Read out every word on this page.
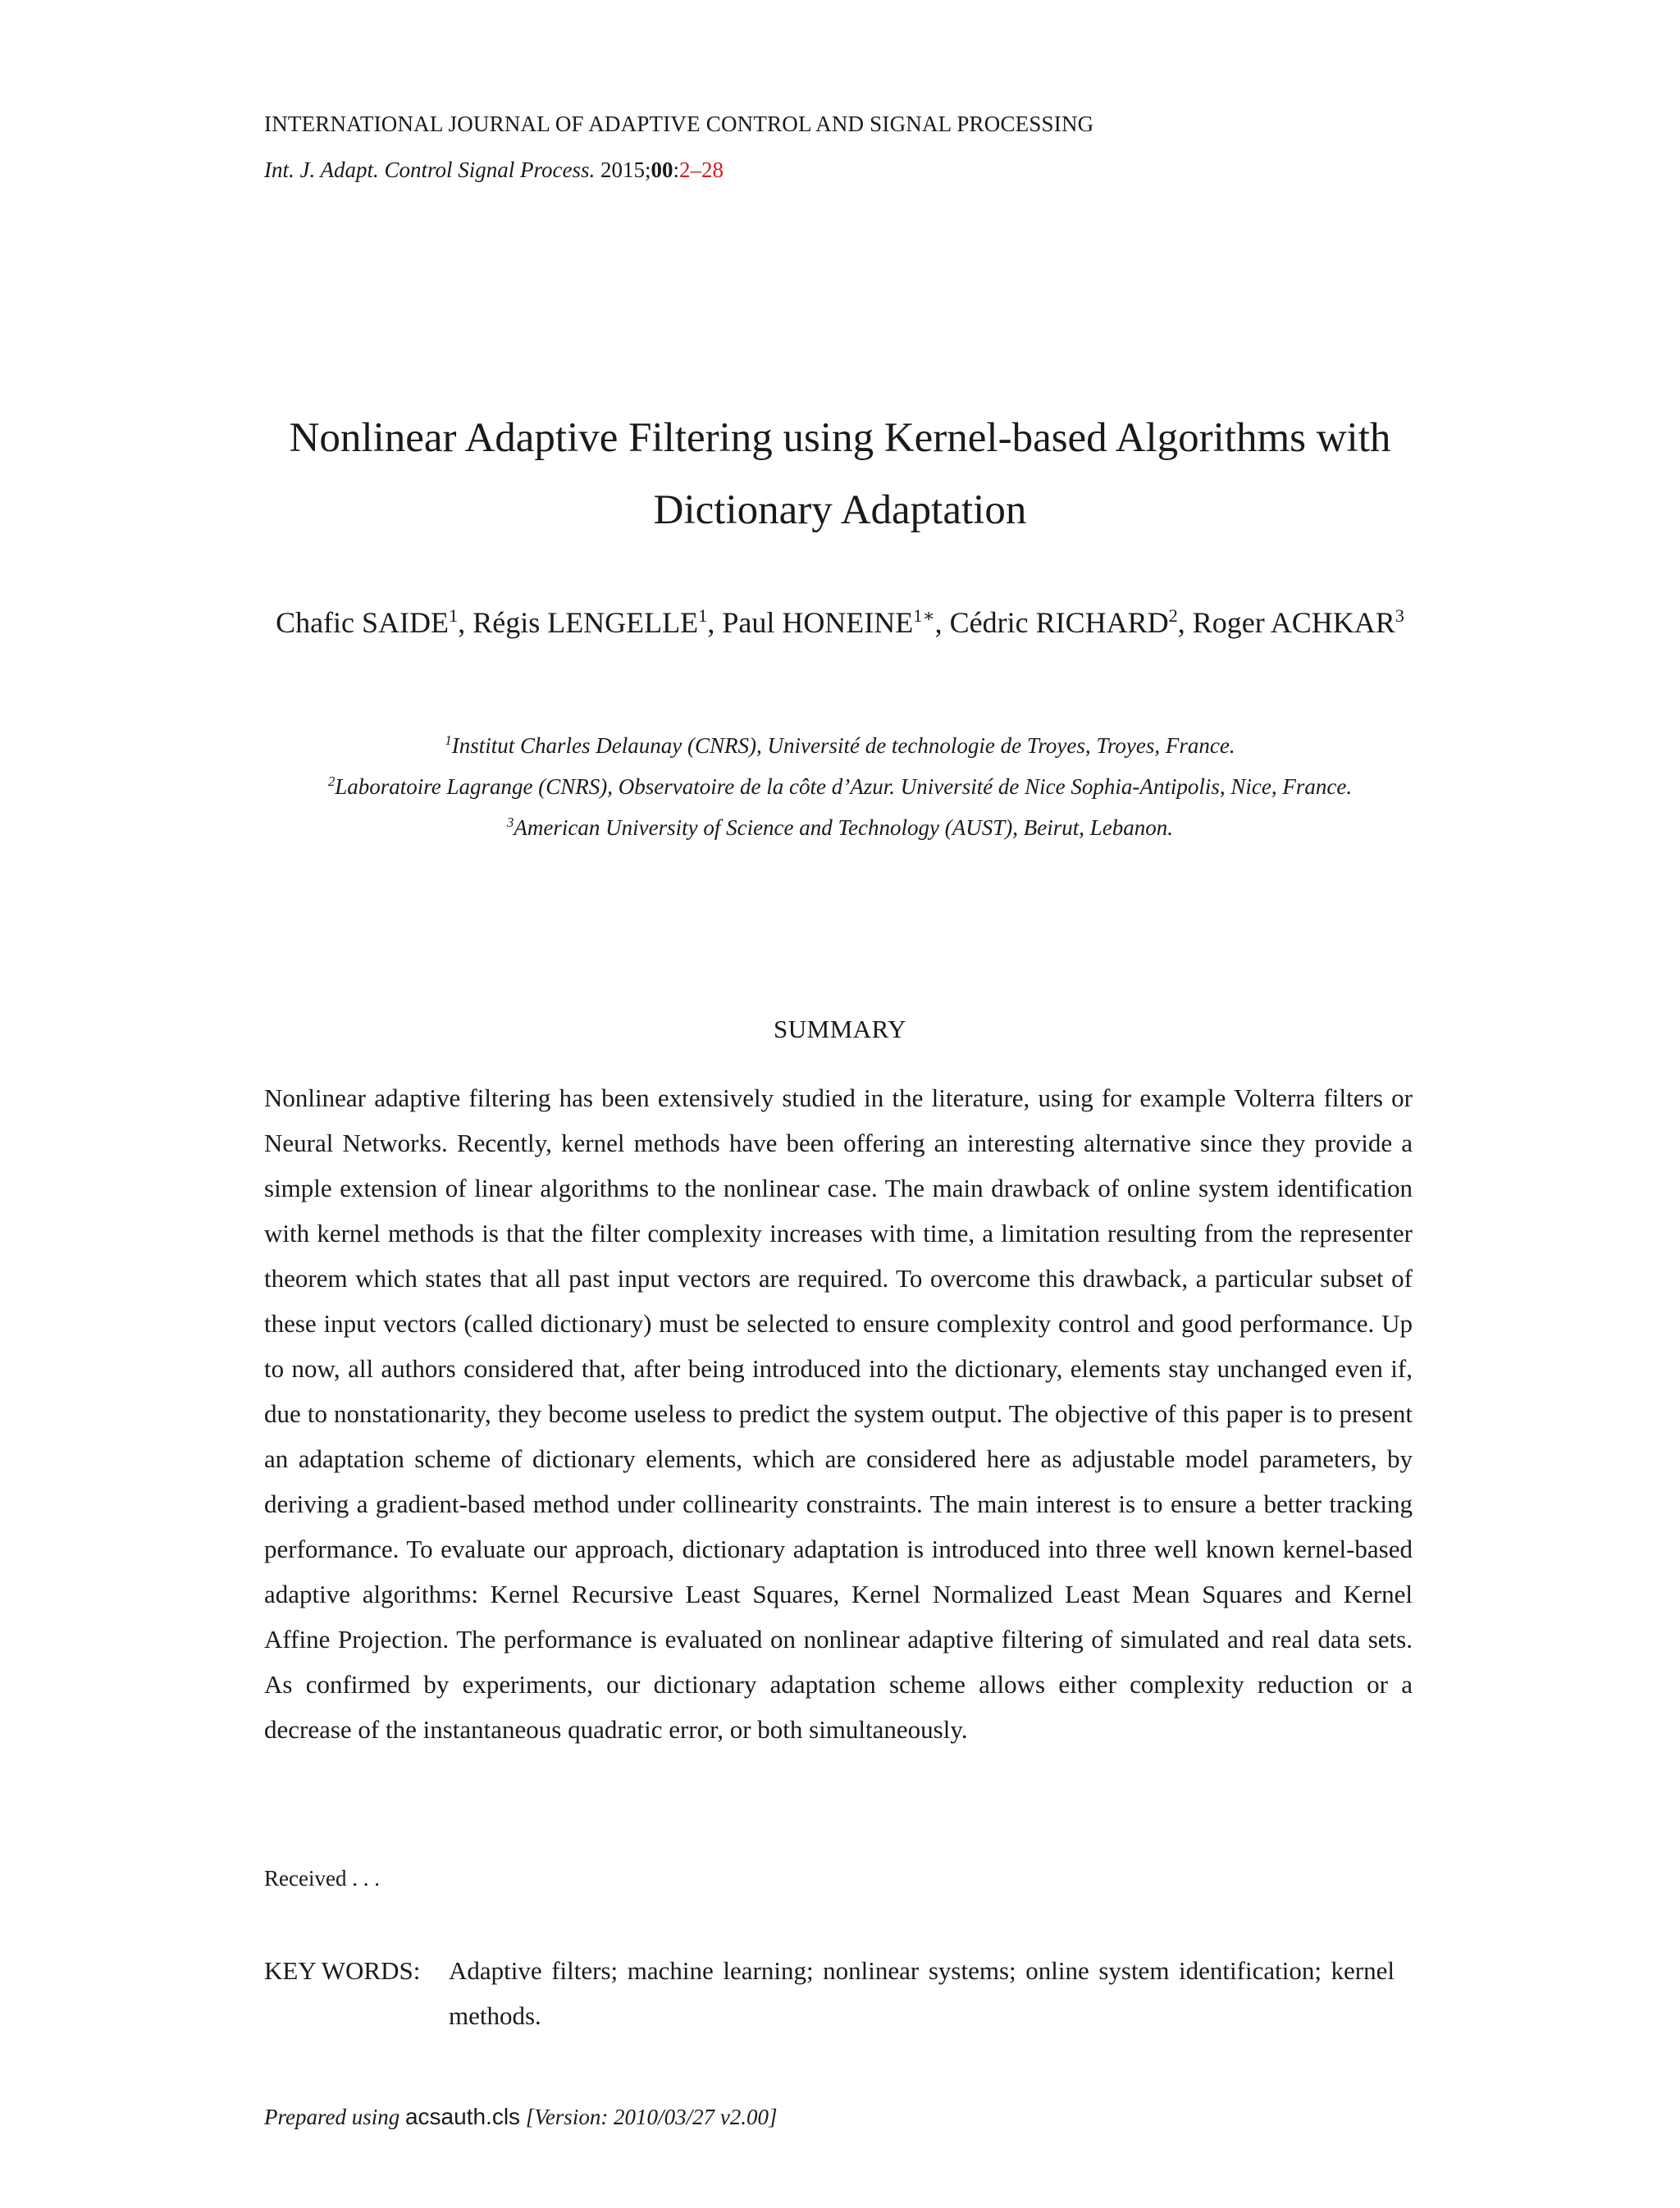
INTERNATIONAL JOURNAL OF ADAPTIVE CONTROL AND SIGNAL PROCESSING
Int. J. Adapt. Control Signal Process. 2015;00:2–28
Nonlinear Adaptive Filtering using Kernel-based Algorithms with Dictionary Adaptation
Chafic SAIDE$^1$, Régis LENGELLE$^1$, Paul $HONEINE^{1∗}$, Cédric RICHARD$^2$, Roger ACHKAR$^3$
$^1$Institut Charles Delaunay (CNRS), Université de technologie de Troyes, Troyes, France.
$^2$Laboratoire Lagrange (CNRS), Observatoire de la côte d’Azur. Université de Nice Sophia-Antipolis, Nice, France.
$^3$American University of Science and Technology (AUST), Beirut, Lebanon.
SUMMARY
Nonlinear adaptive filtering has been extensively studied in the literature, using for example Volterra filters or Neural Networks. Recently, kernel methods have been offering an interesting alternative since they provide a simple extension of linear algorithms to the nonlinear case. The main drawback of online system identification with kernel methods is that the filter complexity increases with time, a limitation resulting from the representer theorem which states that all past input vectors are required. To overcome this drawback, a particular subset of these input vectors (called dictionary) must be selected to ensure complexity control and good performance. Up to now, all authors considered that, after being introduced into the dictionary, elements stay unchanged even if, due to nonstationarity, they become useless to predict the system output. The objective of this paper is to present an adaptation scheme of dictionary elements, which are considered here as adjustable model parameters, by deriving a gradient-based method under collinearity constraints. The main interest is to ensure a better tracking performance. To evaluate our approach, dictionary adaptation is introduced into three well known kernel-based adaptive algorithms: Kernel Recursive Least Squares, Kernel Normalized Least Mean Squares and Kernel Affine Projection. The performance is evaluated on nonlinear adaptive filtering of simulated and real data sets. As confirmed by experiments, our dictionary adaptation scheme allows either complexity reduction or a decrease of the instantaneous quadratic error, or both simultaneously.
Received . . .
KEY WORDS: Adaptive filters; machine learning; nonlinear systems; online system identification; kernel methods.
Prepared using acsauth.cls [Version: 2010/03/27 v2.00]
